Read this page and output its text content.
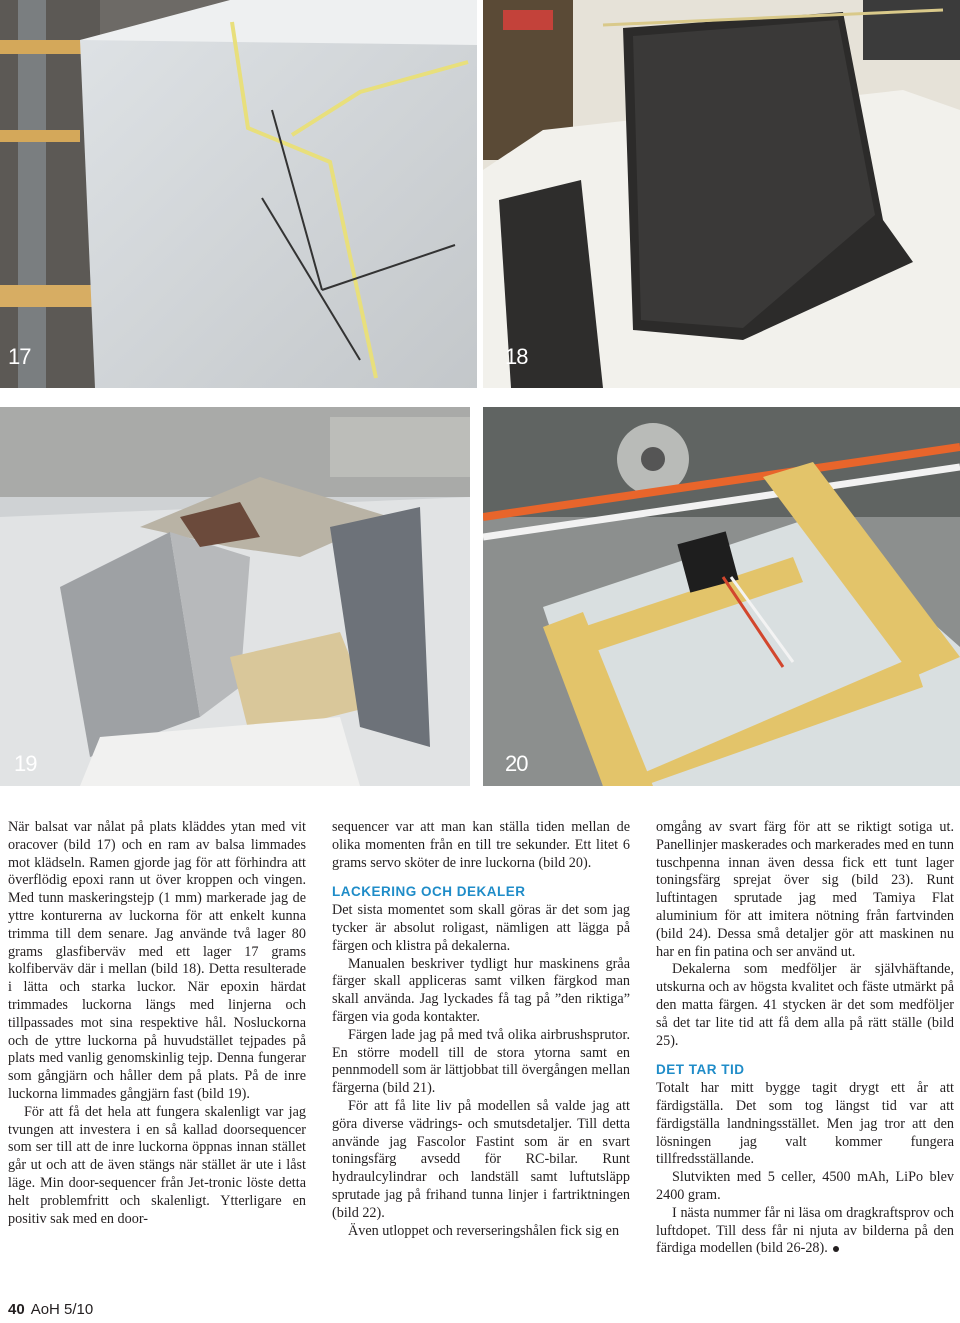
17	18
19	20

När balsat var nålat på plats kläddes ytan med vit oracover (bild 17) och en ram av balsa limmades mot klädseln. Ramen gjorde jag för att förhindra att överflödig epoxi rann ut över kroppen och vingen. Med tunn maskeringstejp (1 mm) markerade jag de yttre konturerna av luckorna för att enkelt kunna trimma till dem senare. Jag använde två lager 80 grams glasfiberväv med ett lager 17 grams kolfiberväv där i mellan (bild 18). Detta resulterade i lätta och starka luckor. När epoxin härdat trimmades luckorna längs med linjerna och tillpassades mot sina respektive hål. Nosluckorna och de yttre luckorna på huvudstället tejpades på plats med vanlig genomskinlig tejp. Denna fungerar som gångjärn och håller dem på plats. På de inre luckorna limmades gångjärn fast (bild 19).

För att få det hela att fungera skalenligt var jag tvungen att investera i en så kallad doorsequencer som ser till att de inre luckorna öppnas innan stället går ut och att de även stängs när stället är ute i låst läge. Min door-sequencer från Jet-tronic löste detta helt problemfritt och skalenligt. Ytterligare en positiv sak med en door-

sequencer var att man kan ställa tiden mellan de olika momenten från en till tre sekunder. Ett litet 6 grams servo sköter de inre luckorna (bild 20).

LACKERING OCH DEKALER

Det sista momentet som skall göras är det som jag tycker är absolut roligast, nämligen att lägga på färgen och klistra på dekalerna.

Manualen beskriver tydligt hur maskinens gråa färger skall appliceras samt vilken färgkod man skall använda. Jag lyckades få tag på ”den riktiga” färgen via goda kontakter.

Färgen lade jag på med två olika airbrushsprutor. En större modell till de stora ytorna samt en pennmodell som är lättjobbat till övergången mellan färgerna (bild 21).

För att få lite liv på modellen så valde jag att göra diverse vädrings- och smutsdetaljer. Till detta använde jag Fascolor Fastint som är en svart toningsfärg avsedd för RC-bilar. Runt hydraulcylindrar och landställ samt luftutsläpp sprutade jag på frihand tunna linjer i fartriktningen (bild 22).

Även utloppet och reverseringshålen fick sig en

omgång av svart färg för att se riktigt sotiga ut. Panellinjer maskerades och markerades med en tunn tuschpenna innan även dessa fick ett tunt lager toningsfärg sprejat över sig (bild 23). Runt luftintagen sprutade jag med Tamiya Flat aluminium för att imitera nötning från fartvinden (bild 24). Dessa små detaljer gör att maskinen nu har en fin patina och ser använd ut.

Dekalerna som medföljer är självhäftande, utskurna och av högsta kvalitet och fäste utmärkt på den matta färgen. 41 stycken är det som medföljer så det tar lite tid att få dem alla på rätt ställe (bild 25).

DET TAR TID

Totalt har mitt bygge tagit drygt ett år att färdigställa. Det som tog längst tid var att färdigställa landningsstället. Men jag tror att den lösningen jag valt kommer fungera tillfredsställande.

Slutvikten med 5 celler, 4500 mAh, LiPo blev 2400 gram.

I nästa nummer får ni läsa om dragkraftsprov och luftdopet. Till dess får ni njuta av bilderna på den färdiga modellen (bild 26-28).

40 AoH 5/10
